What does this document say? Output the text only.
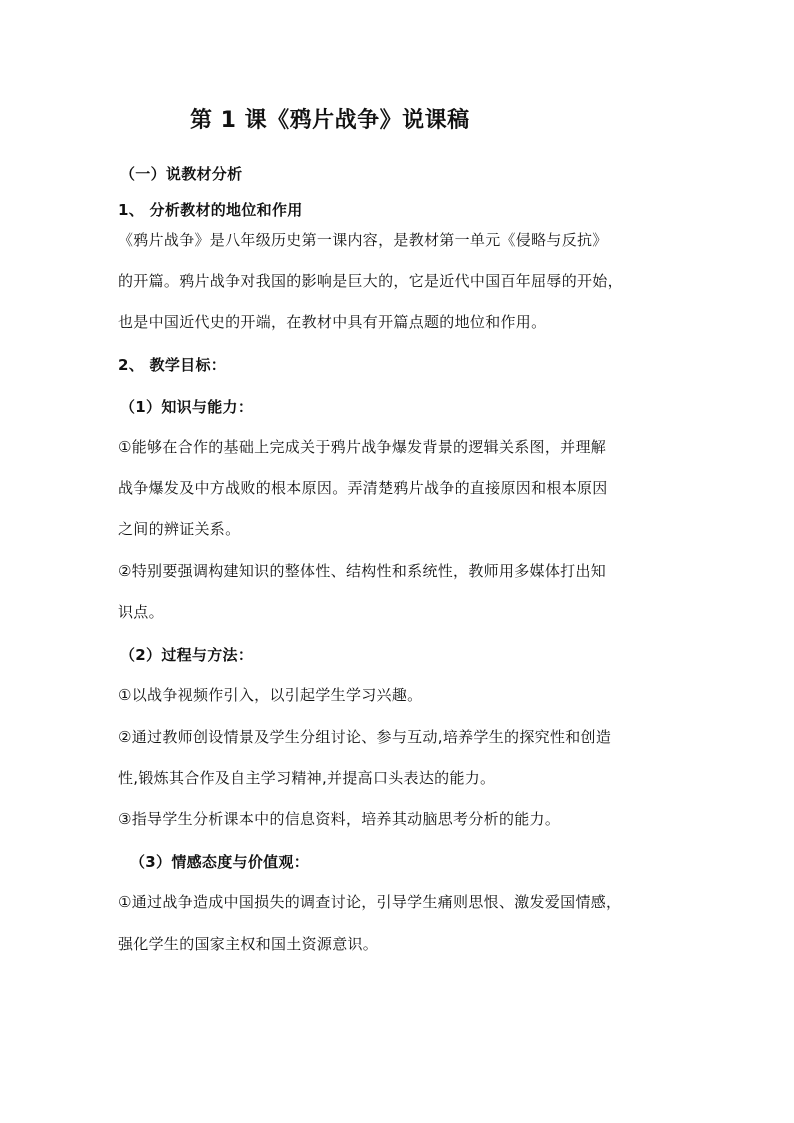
第 1 课《鸦片战争》说课稿
（一）说教材分析
1、 分析教材的地位和作用
《鸦片战争》是八年级历史第一课内容，是教材第一单元《侵略与反抗》
的开篇。鸦片战争对我国的影响是巨大的，它是近代中国百年屈辱的开始，
也是中国近代史的开端，在教材中具有开篇点题的地位和作用。
2、 教学目标：
（1）知识与能力：
①能够在合作的基础上完成关于鸦片战争爆发背景的逻辑关系图，并理解
战争爆发及中方战败的根本原因。弄清楚鸦片战争的直接原因和根本原因
之间的辨证关系。
②特别要强调构建知识的整体性、结构性和系统性，教师用多媒体打出知
识点。
（2）过程与方法：
①以战争视频作引入，以引起学生学习兴趣。
②通过教师创设情景及学生分组讨论、参与互动,培养学生的探究性和创造
性,锻炼其合作及自主学习精神,并提高口头表达的能力。
③指导学生分析课本中的信息资料，培养其动脑思考分析的能力。
（3）情感态度与价值观：
①通过战争造成中国损失的调查讨论，引导学生痛则思恨、激发爱国情感，
强化学生的国家主权和国土资源意识。
